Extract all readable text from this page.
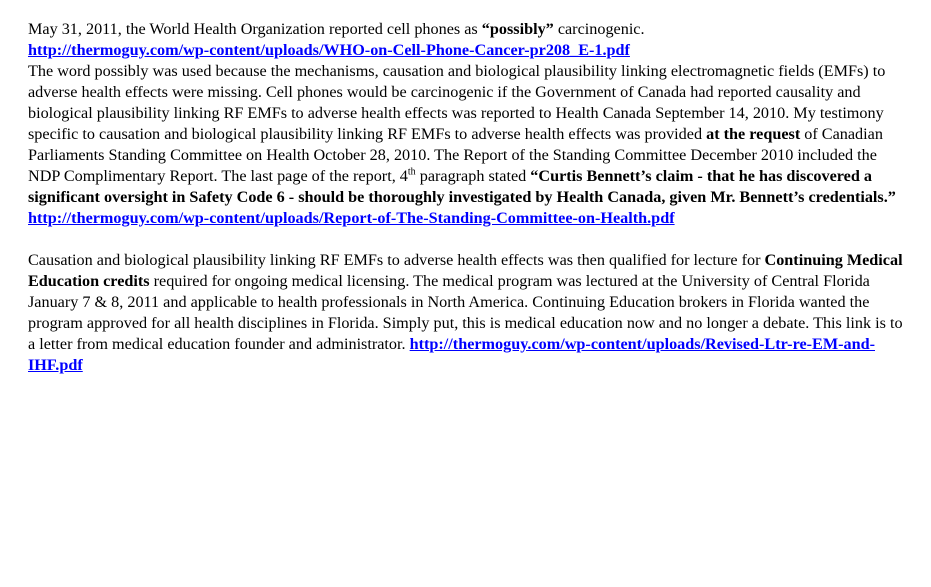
May 31, 2011, the World Health Organization reported cell phones as “possibly” carcinogenic.
http://thermoguy.com/wp-content/uploads/WHO-on-Cell-Phone-Cancer-pr208_E-1.pdf
The word possibly was used because the mechanisms, causation and biological plausibility linking electromagnetic fields (EMFs) to adverse health effects were missing. Cell phones would be carcinogenic if the Government of Canada had reported causality and biological plausibility linking RF EMFs to adverse health effects was reported to Health Canada September 14, 2010. My testimony specific to causation and biological plausibility linking RF EMFs to adverse health effects was provided at the request of Canadian Parliaments Standing Committee on Health October 28, 2010. The Report of the Standing Committee December 2010 included the NDP Complimentary Report. The last page of the report, 4th paragraph stated “Curtis Bennett’s claim - that he has discovered a significant oversight in Safety Code 6 - should be thoroughly investigated by Health Canada, given Mr. Bennett’s credentials.” http://thermoguy.com/wp-content/uploads/Report-of-The-Standing-Committee-on-Health.pdf

Causation and biological plausibility linking RF EMFs to adverse health effects was then qualified for lecture for Continuing Medical Education credits required for ongoing medical licensing. The medical program was lectured at the University of Central Florida January 7 & 8, 2011 and applicable to health professionals in North America. Continuing Education brokers in Florida wanted the program approved for all health disciplines in Florida. Simply put, this is medical education now and no longer a debate. This link is to a letter from medical education founder and administrator. http://thermoguy.com/wp-content/uploads/Revised-Ltr-re-EM-and-IHF.pdf
